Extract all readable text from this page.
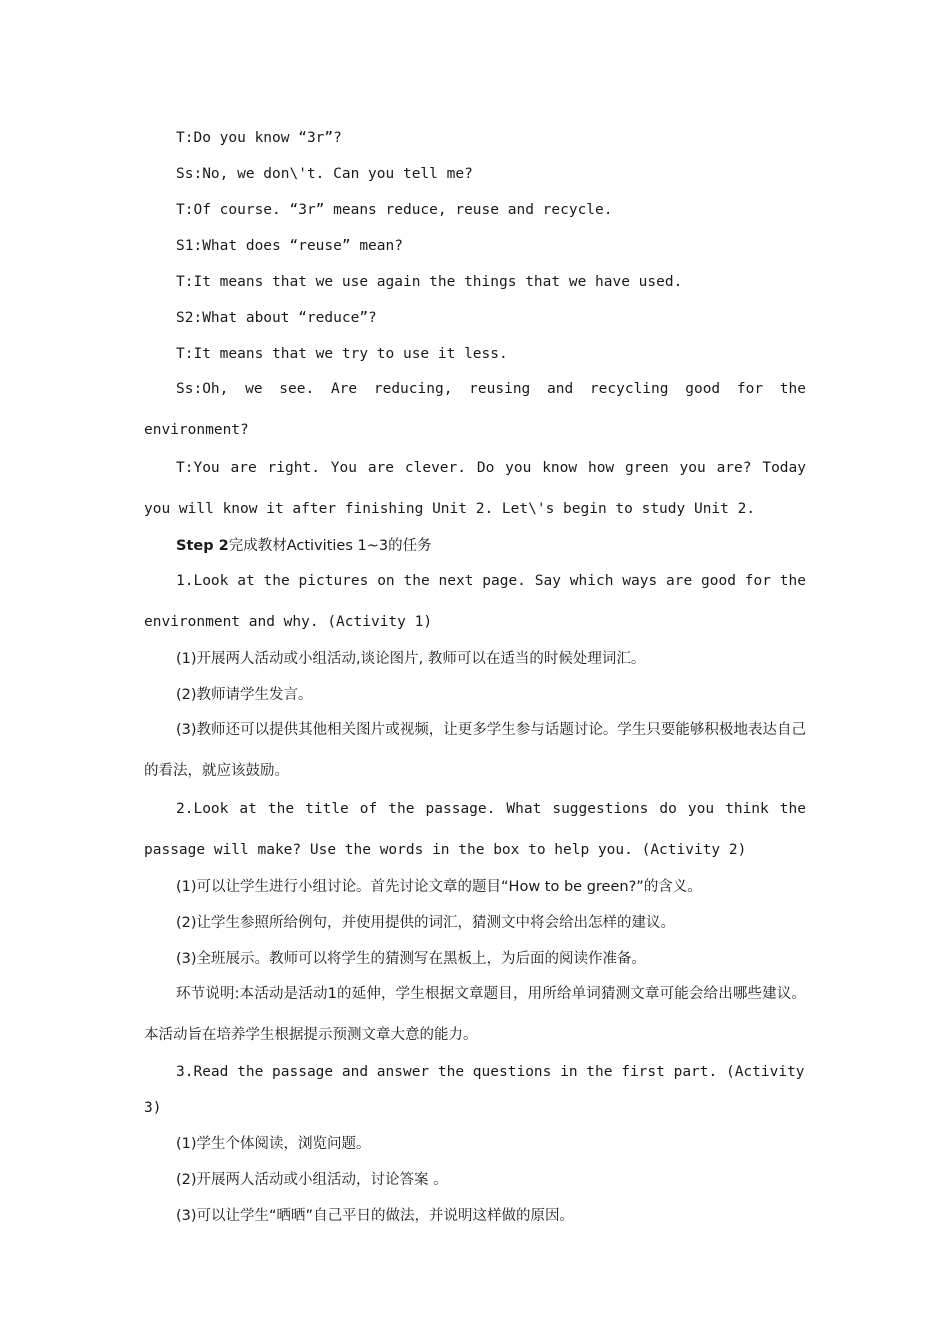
T:Do you know “3r”?

Ss:No, we don\'t. Can you tell me?

T:Of course. “3r” means reduce, reuse and recycle.

S1:What does “reuse” mean?

T:It means that we use again the things that we have used.

S2:What about “reduce”?

T:It means that we try to use it less.

Ss:Oh, we see. Are reducing, reusing and recycling good for the environment?

T:You are right. You are clever. Do you know how green you are? Today you will know it after finishing Unit 2. Let\'s begin to study Unit 2.

Step 2完成教材Activities 1~3的任务

1.Look at the pictures on the next page. Say which ways are good for the environment and why. (Activity 1)

(1)开展两人活动或小组活动,谈论图片, 教师可以在适当的时候处理词汇。

(2)教师请学生发言。

(3)教师还可以提供其他相关图片或视频，让更多学生参与话题讨论。学生只要能够积极地表达自己的看法，就应该鼓励。

2.Look at the title of the passage. What suggestions do you think the passage will make? Use the words in the box to help you. (Activity 2)

(1)可以让学生进行小组讨论。首先讨论文章的题目“How to be green?”的含义。

(2)让学生参照所给例句，并使用提供的词汇，猜测文中将会给出怎样的建议。

(3)全班展示。教师可以将学生的猜测写在黑板上，为后面的阅读作准备。

环节说明:本活动是活动1的延伸，学生根据文章题目，用所给单词猜测文章可能会给出哪些建议。本活动旨在培养学生根据提示预测文章大意的能力。

3.Read the passage and answer the questions in the first part. (Activity 3)

(1)学生个体阅读，浏览问题。

(2)开展两人活动或小组活动，讨论答案 。

(3)可以让学生“晒晒”自己平日的做法，并说明这样做的原因。
